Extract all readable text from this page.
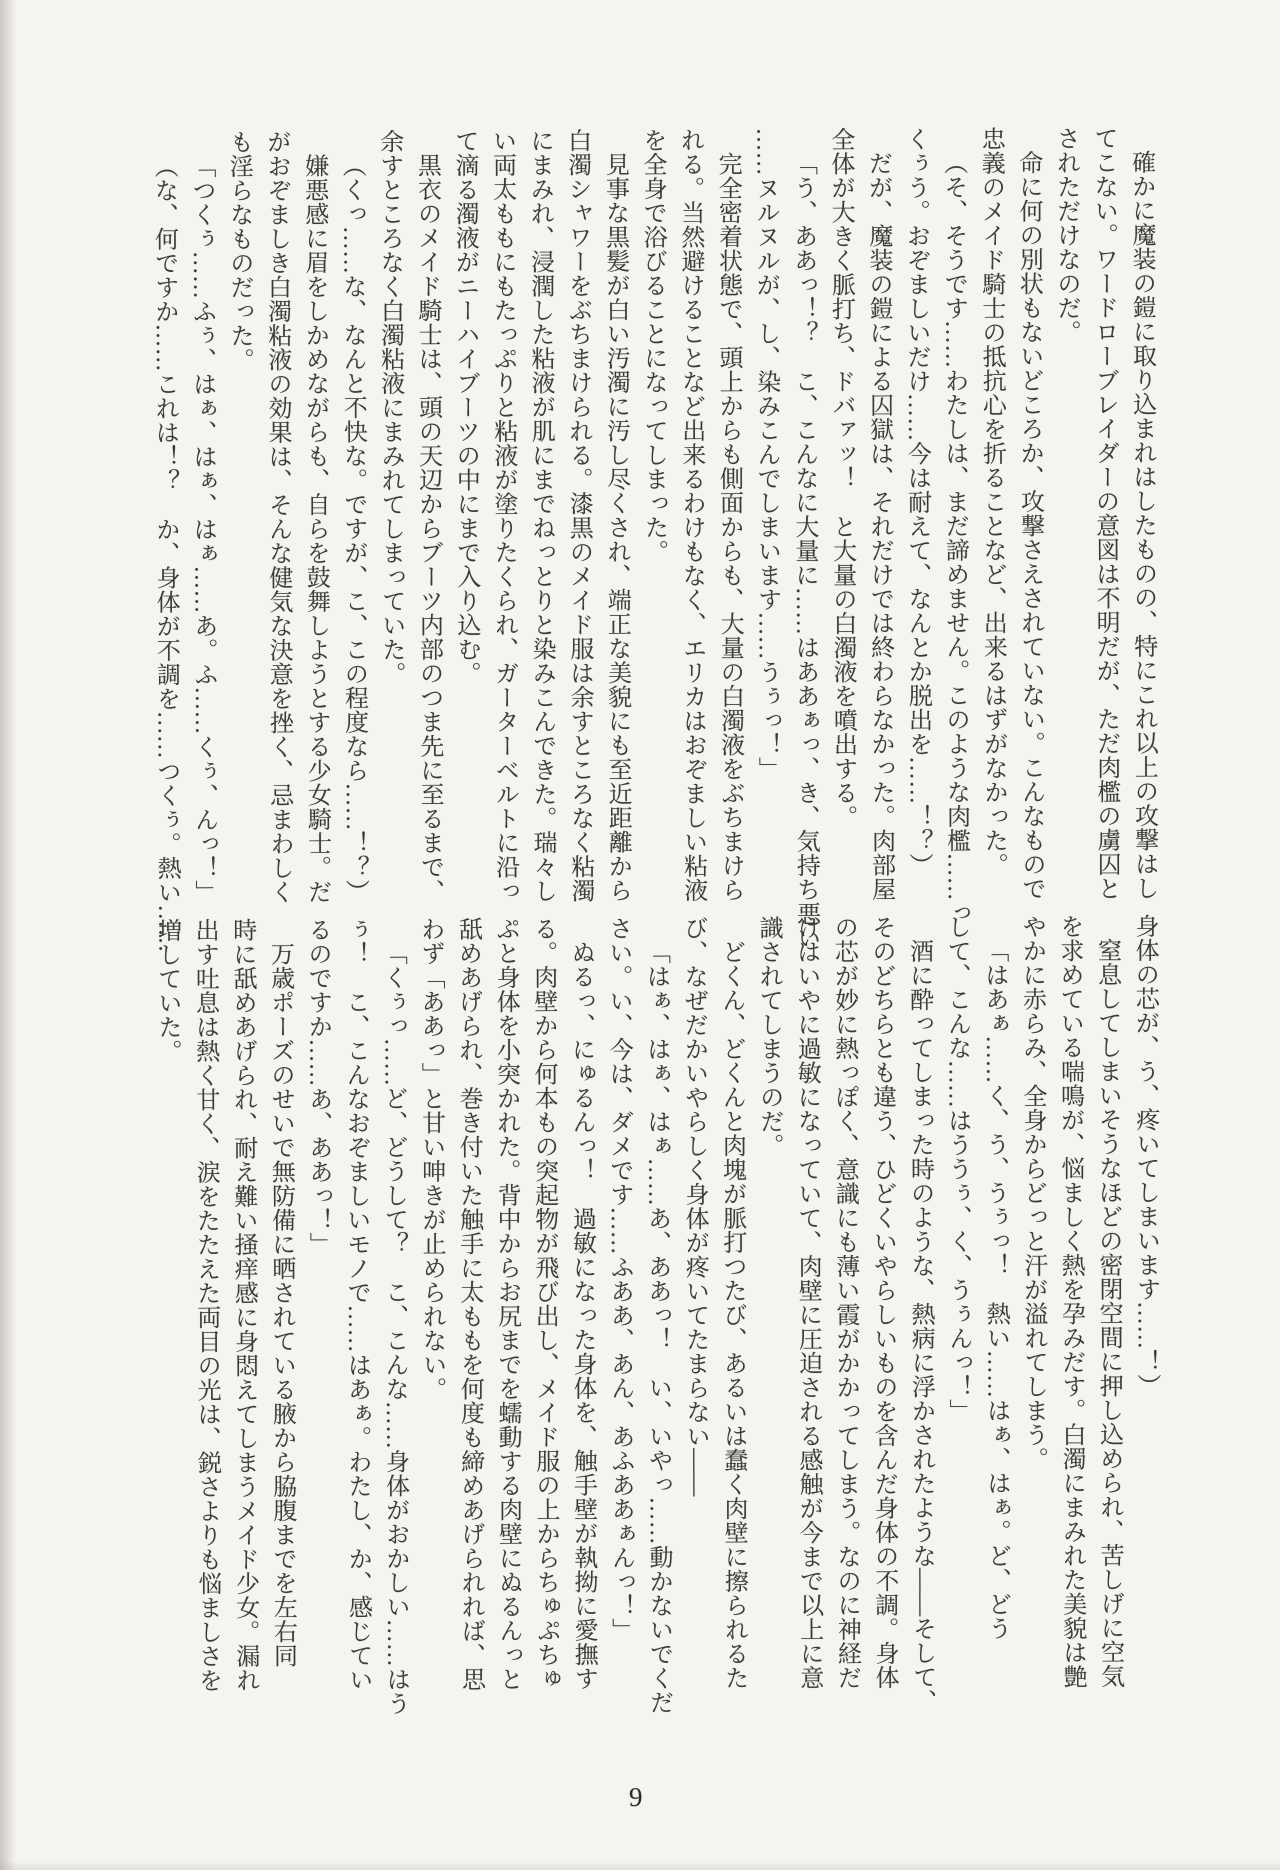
確かに魔装の鎧に取り込まれはしたものの、特にこれ以上の攻撃はし
てこない。ワードローブレイダーの意図は不明だが、ただ肉檻の虜囚と
されただけなのだ。
命に何の別状もないどころか、攻撃さえされていない。こんなもので
忠義のメイド騎士の抵抗心を折ることなど、出来るはずがなかった。
（そ、そうです……わたしは、まだ諦めません。このような肉檻……っ
くぅう。おぞましいだけ……今は耐えて、なんとか脱出を……！？）
だが、魔装の鎧による囚獄は、それだけでは終わらなかった。肉部屋
全体が大きく脈打ち、ドバァッ！　と大量の白濁液を噴出する。
「う、ああっ！？　こ、こんなに大量に……はああぁっ、き、気持ち悪い
……ヌルヌルが、し、染みこんでしまいます……うぅっ！」
完全密着状態で、頭上からも側面からも、大量の白濁液をぶちまけら
れる。当然避けることなど出来るわけもなく、エリカはおぞましい粘液
を全身で浴びることになってしまった。
見事な黒髪が白い汚濁に汚し尽くされ、端正な美貌にも至近距離から
白濁シャワーをぶちまけられる。漆黒のメイド服は余すところなく粘濁
にまみれ、浸潤した粘液が肌にまでねっとりと染みこんできた。瑞々し
い両太ももにもたっぷりと粘液が塗りたくられ、ガーターベルトに沿っ
て滴る濁液がニーハイブーツの中にまで入り込む。
黒衣のメイド騎士は、頭の天辺からブーツ内部のつま先に至るまで、
余すところなく白濁粘液にまみれてしまっていた。
（くっ……な、なんと不快な。ですが、こ、この程度なら……！？）
嫌悪感に眉をしかめながらも、自らを鼓舞しようとする少女騎士。だ
がおぞましき白濁粘液の効果は、そんな健気な決意を挫く、忌まわしく
も淫らなものだった。
「つくぅ……ふぅ、はぁ、はぁ、はぁ……あ。ふ……くぅ、んっ！」
（な、何ですか……これは！？　か、身体が不調を……つくぅ。熱い……
身体の芯が、う、疼いてしまいます……！）
窒息してしまいそうなほどの密閉空間に押し込められ、苦しげに空気
を求めている喘鳴が、悩ましく熱を孕みだす。白濁にまみれた美貌は艶
やかに赤らみ、全身からどっと汗が溢れてしまう。
「はあぁ……く、う、うぅっ！　熱い……はぁ、はぁ。ど、どう
して、こんな……はううぅ、く、うぅんっ！」
酒に酔ってしまった時のような、熱病に浮かされたような——そして、
そのどちらとも違う、ひどくいやらしいものを含んだ身体の不調。身体
の芯が妙に熱っぽく、意識にも薄い霞がかかってしまう。なのに神経だ
けはいやに過敏になっていて、肉壁に圧迫される感触が今まで以上に意
識されてしまうのだ。
どくん、どくんと肉塊が脈打つたび、あるいは蠢く肉壁に擦られるた
び、なぜだかいやらしく身体が疼いてたまらない——
「はぁ、はぁ、はぁ……あ、ああっ！　い、いやっ……動かないでくだ
さい。い、今は、ダメです……ふああ、あん、あふああぁんっ！」
ぬるっ、にゅるんっ！　過敏になった身体を、触手壁が執拗に愛撫す
る。肉壁から何本もの突起物が飛び出し、メイド服の上からちゅぷちゅ
ぷと身体を小突かれた。背中からお尻までを蠕動する肉壁にぬるんっと
舐めあげられ、巻き付いた触手に太ももを何度も締めあげられれば、思
わず「ああっ」と甘い呻きが止められない。
「くぅっ……ど、どうして？　こ、こんな……身体がおかしい……はう
ぅ！　こ、こんなおぞましいモノで……はあぁ。わたし、か、感じてい
るのですか……あ、ああっ！」
万歳ポーズのせいで無防備に晒されている腋から脇腹までを左右同
時に舐めあげられ、耐え難い掻痒感に身悶えてしまうメイド少女。漏れ
出す吐息は熱く甘く、涙をたたえた両目の光は、鋭さよりも悩ましさを
増していた。
9
